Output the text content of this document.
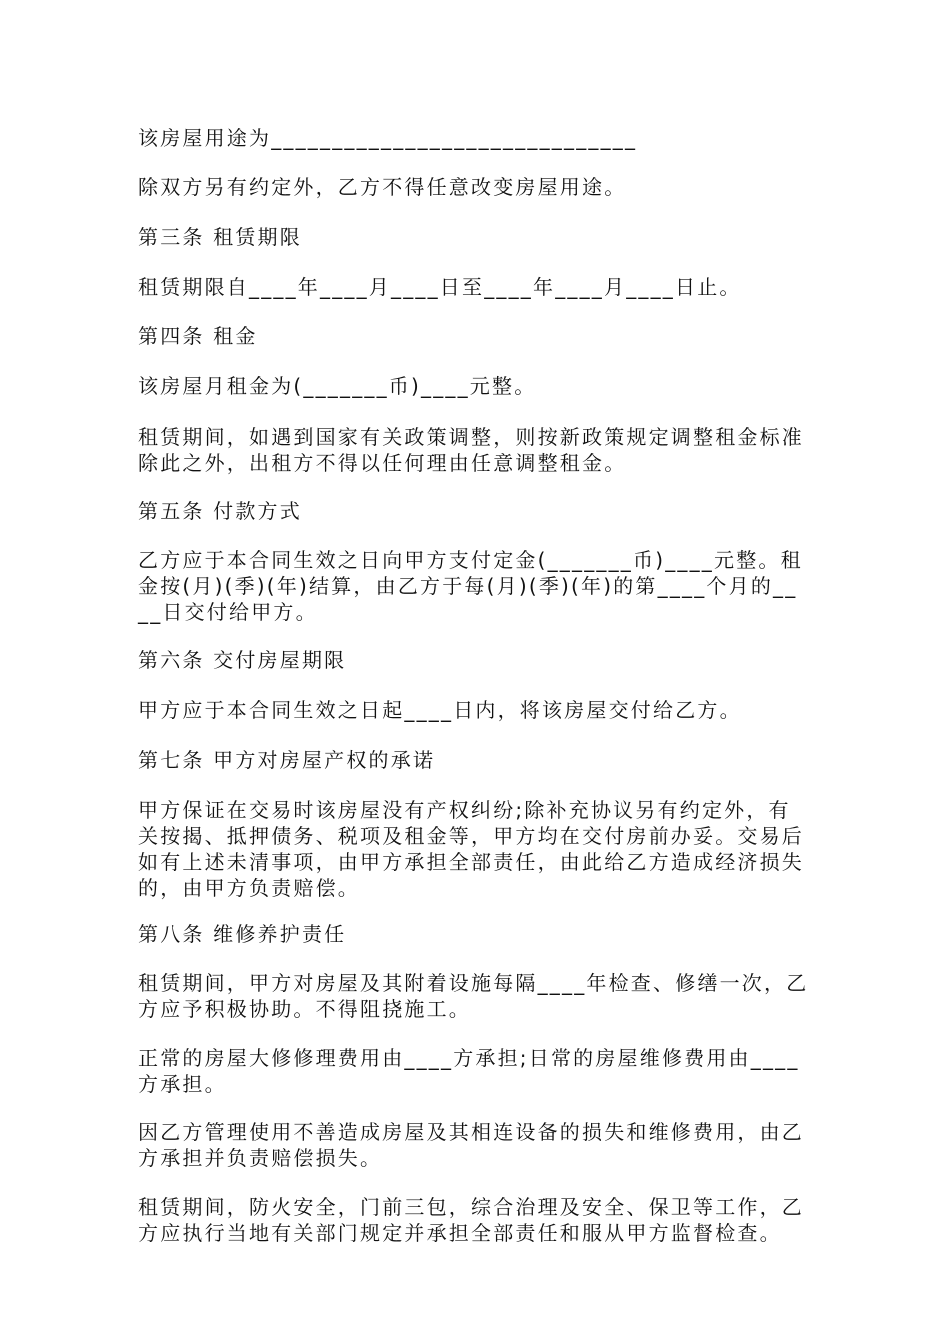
该房屋用途为______________________________

除双方另有约定外，乙方不得任意改变房屋用途。

第三条 租赁期限

租赁期限自____年____月____日至____年____月____日止。

第四条 租金

该房屋月租金为(_______币)____元整。

租赁期间，如遇到国家有关政策调整，则按新政策规定调整租金标准
除此之外，出租方不得以任何理由任意调整租金。

第五条 付款方式

乙方应于本合同生效之日向甲方支付定金(_______币)____元整。租
金按(月)(季)(年)结算，由乙方于每(月)(季)(年)的第____个月的__
__日交付给甲方。

第六条 交付房屋期限

甲方应于本合同生效之日起____日内，将该房屋交付给乙方。

第七条 甲方对房屋产权的承诺

甲方保证在交易时该房屋没有产权纠纷;除补充协议另有约定外，有
关按揭、抵押债务、税项及租金等，甲方均在交付房前办妥。交易后
如有上述未清事项，由甲方承担全部责任，由此给乙方造成经济损失
的，由甲方负责赔偿。

第八条 维修养护责任

租赁期间，甲方对房屋及其附着设施每隔____年检查、修缮一次，乙
方应予积极协助。不得阻挠施工。

正常的房屋大修修理费用由____方承担;日常的房屋维修费用由____
方承担。

因乙方管理使用不善造成房屋及其相连设备的损失和维修费用，由乙
方承担并负责赔偿损失。

租赁期间，防火安全，门前三包，综合治理及安全、保卫等工作，乙
方应执行当地有关部门规定并承担全部责任和服从甲方监督检查。
